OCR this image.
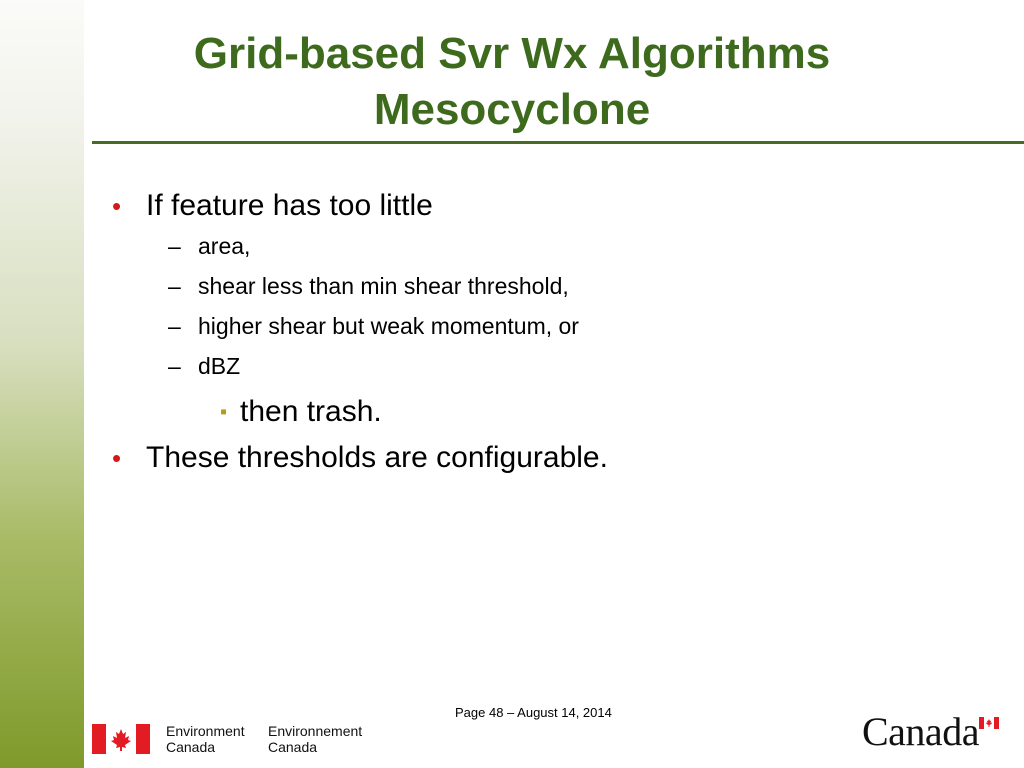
Grid-based Svr Wx Algorithms
Mesocyclone
• If feature has too little
– area,
– shear less than min shear threshold,
– higher shear but weak momentum, or
– dBZ
▪ then trash.
• These thresholds are configurable.
Page 48 – August 14, 2014
Environment
Canada
Environnement
Canada	Canada
